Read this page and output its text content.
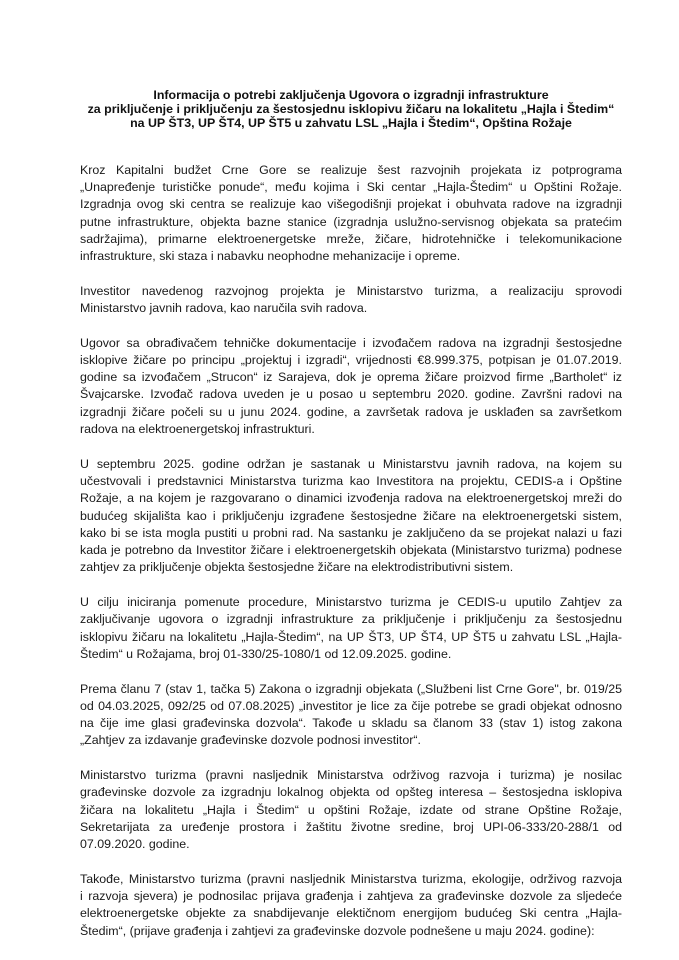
Informacija o potrebi zaključenja Ugovora o izgradnji infrastrukture
za priključenje i priključenju za šestosjednu isklopivu žičaru na lokalitetu „Hajla i Štedim“
na UP ŠT3, UP ŠT4, UP ŠT5 u zahvatu LSL „Hajla i Štedim“, Opština Rožaje

Kroz Kapitalni budžet Crne Gore se realizuje šest razvojnih projekata iz potprograma
„Unapređenje turističke ponude“, među kojima i Ski centar „Hajla-Štedim“ u Opštini Rožaje.
Izgradnja ovog ski centra se realizuje kao višegodišnji projekat i obuhvata radove na izgradnji
putne infrastrukture, objekta bazne stanice (izgradnja uslužno-servisnog objekata sa pratećim
sadržajima), primarne elektroenergetske mreže, žičare, hidrotehničke i telekomunikacione
infrastrukture, ski staza i nabavku neophodne mehanizacije i opreme.

Investitor navedenog razvojnog projekta je Ministarstvo turizma, a realizaciju sprovodi
Ministarstvo javnih radova, kao naručila svih radova.

Ugovor sa obrađivačem tehničke dokumentacije i izvođačem radova na izgradnji šestosjedne
isklopive žičare po principu „projektuj i izgradi“, vrijednosti €8.999.375, potpisan je 01.07.2019.
godine sa izvođačem „Strucon“ iz Sarajeva, dok je oprema žičare proizvod firme „Bartholet“ iz
Švajcarske. Izvođač radova uveden je u posao u septembru 2020. godine. Završni radovi na
izgradnji žičare počeli su u junu 2024. godine, a završetak radova je usklađen sa završetkom
radova na elektroenergetskoj infrastrukturi.

U septembru 2025. godine održan je sastanak u Ministarstvu javnih radova, na kojem su
učestvovali i predstavnici Ministarstva turizma kao Investitora na projektu, CEDIS-a i Opštine
Rožaje, a na kojem je razgovarano o dinamici izvođenja radova na elektroenergetskoj mreži do
budućeg skijališta kao i priključenju izgrađene šestosjedne žičare na elektroenergetski sistem,
kako bi se ista mogla pustiti u probni rad. Na sastanku je zaključeno da se projekat nalazi u fazi
kada je potrebno da Investitor žičare i elektroenergetskih objekata (Ministarstvo turizma) podnese
zahtjev za priključenje objekta šestosjedne žičare na elektrodistributivni sistem.

U cilju iniciranja pomenute procedure, Ministarstvo turizma je CEDIS-u uputilo Zahtjev za
zaključivanje ugovora o izgradnji infrastrukture za priključenje i priključenju za šestosjednu
isklopivu žičaru na lokalitetu „Hajla-Štedim“, na UP ŠT3, UP ŠT4, UP ŠT5 u zahvatu LSL „Hajla-
Štedim“ u Rožajama, broj 01-330/25-1080/1 od 12.09.2025. godine.

Prema članu 7 (stav 1, tačka 5) Zakona o izgradnji objekata („Službeni list Crne Gore", br. 019/25
od 04.03.2025, 092/25 od 07.08.2025) „investitor je lice za čije potrebe se gradi objekat odnosno
na čije ime glasi građevinska dozvola“. Takođe u skladu sa članom 33 (stav 1) istog zakona
„Zahtjev za izdavanje građevinske dozvole podnosi investitor“.

Ministarstvo turizma (pravni nasljednik Ministarstva održivog razvoja i turizma) je nosilac
građevinske dozvole za izgradnju lokalnog objekta od opšteg interesa – šestosjedna isklopiva
žičara na lokalitetu „Hajla i Štedim“ u opštini Rožaje, izdate od strane Opštine Rožaje,
Sekretarijata za uređenje prostora i žaštitu životne sredine, broj UPI-06-333/20-288/1 od
07.09.2020. godine.

Takođe, Ministarstvo turizma (pravni nasljednik Ministarstva turizma, ekologije, održivog razvoja
i razvoja sjevera) je podnosilac prijava građenja i zahtjeva za građevinske dozvole za sljedeće
elektroenergetske objekte za snabdijevanje elektičnom energijom budućeg Ski centra „Hajla-
Štedim“, (prijave građenja i zahtjevi za građevinske dozvole podnešene u maju 2024. godine):
